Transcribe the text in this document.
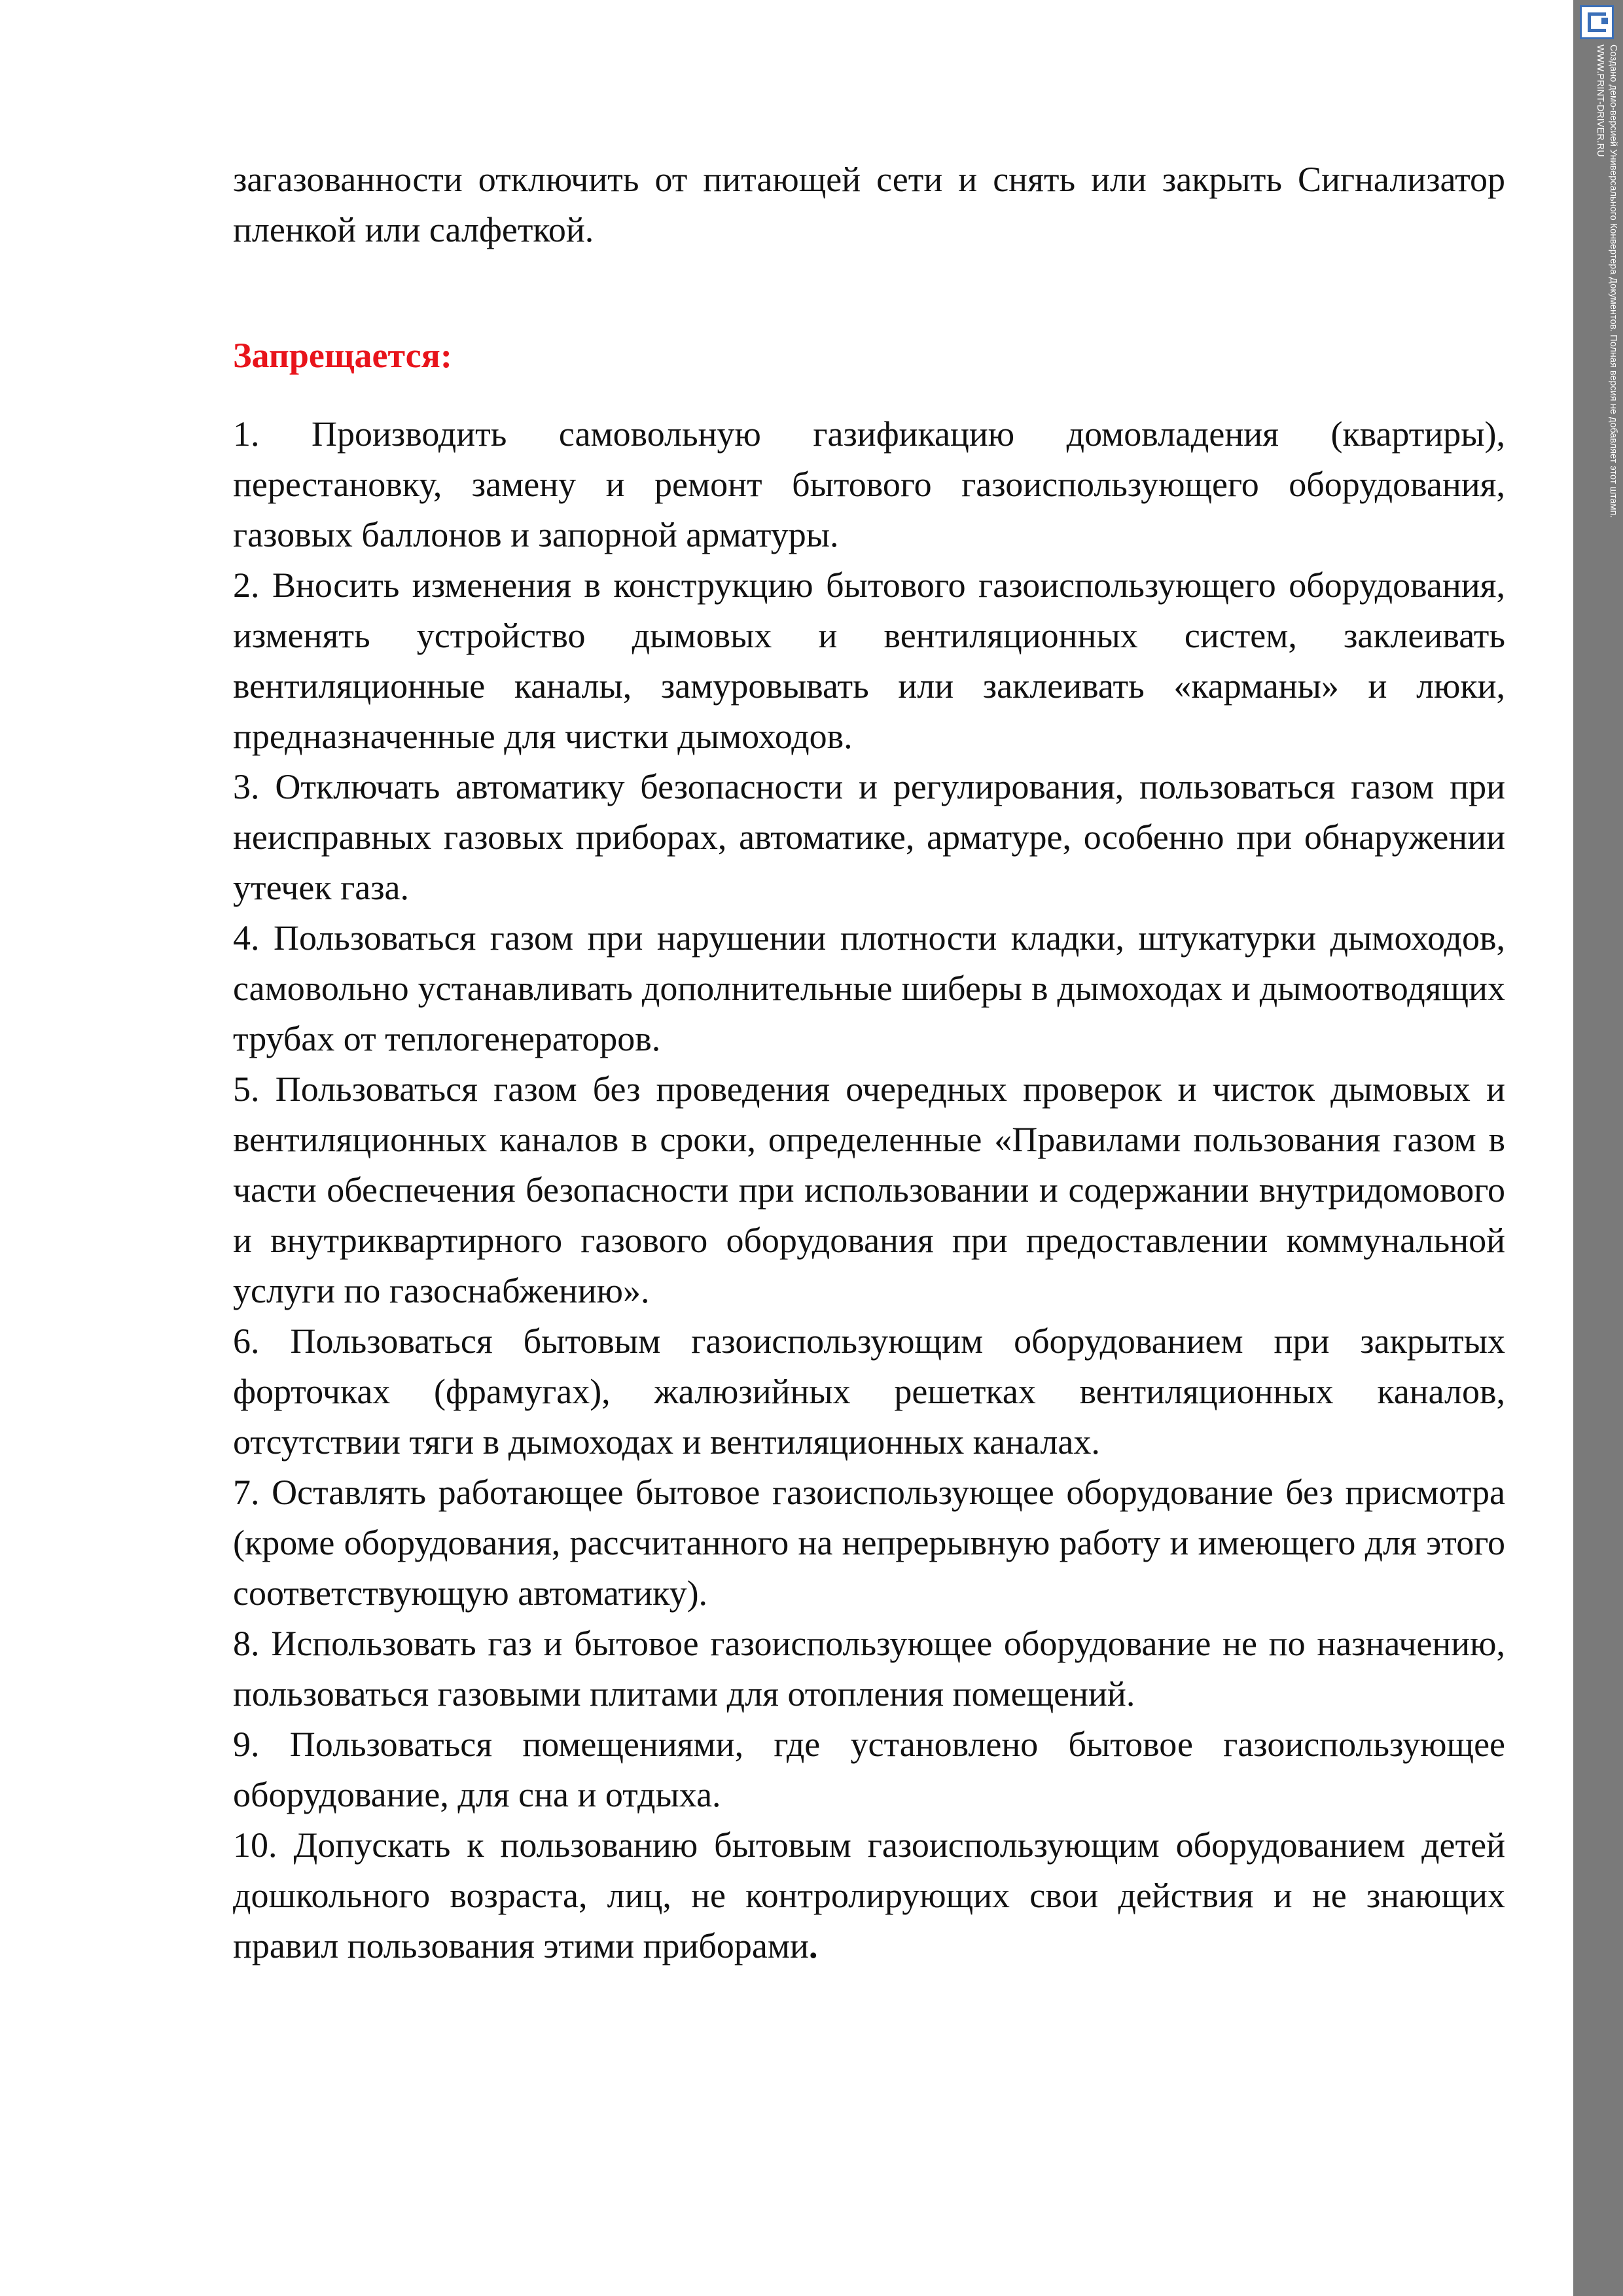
загазованности отключить от питающей сети и снять или закрыть Сигнализатор пленкой или салфеткой.

Запрещается:

1. Производить самовольную газификацию домовладения (квартиры), перестановку, замену и ремонт бытового газоиспользующего оборудования, газовых баллонов и запорной арматуры.

2. Вносить изменения в конструкцию бытового газоиспользующего оборудования, изменять устройство дымовых и вентиляционных систем, заклеивать вентиляционные каналы, замуровывать или заклеивать «карманы» и люки, предназначенные для чистки дымоходов.

3. Отключать автоматику безопасности и регулирования, пользоваться газом при неисправных газовых приборах, автоматике, арматуре, особенно при обнаружении утечек газа.

4. Пользоваться газом при нарушении плотности кладки, штукатурки дымоходов, самовольно устанавливать дополнительные шиберы в дымоходах и дымоотводящих трубах от теплогенераторов.

5. Пользоваться газом без проведения очередных проверок и чисток дымовых и вентиляционных каналов в сроки, определенные «Правилами пользования газом в части обеспечения безопасности при использовании и содержании внутридомового и внутриквартирного газового оборудования при предоставлении коммунальной услуги по газоснабжению».

6. Пользоваться бытовым газоиспользующим оборудованием при закрытых форточках (фрамугах), жалюзийных решетках вентиляционных каналов, отсутствии тяги в дымоходах и вентиляционных каналах.

7. Оставлять работающее бытовое газоиспользующее оборудование без присмотра (кроме оборудования, рассчитанного на непрерывную работу и имеющего для этого соответствующую автоматику).

8. Использовать газ и бытовое газоиспользующее оборудование не по назначению, пользоваться газовыми плитами для отопления помещений.

9. Пользоваться помещениями, где установлено бытовое газоиспользующее оборудование, для сна и отдыха.

10. Допускать к пользованию бытовым газоиспользующим оборудованием детей дошкольного возраста, лиц, не контролирующих свои действия и не знающих правил пользования этими приборами.

Создано демо-версией Универсального Конвертера Документов. Полная версия не добавляет этот штамп.
WWW.PRINT-DRIVER.RU
